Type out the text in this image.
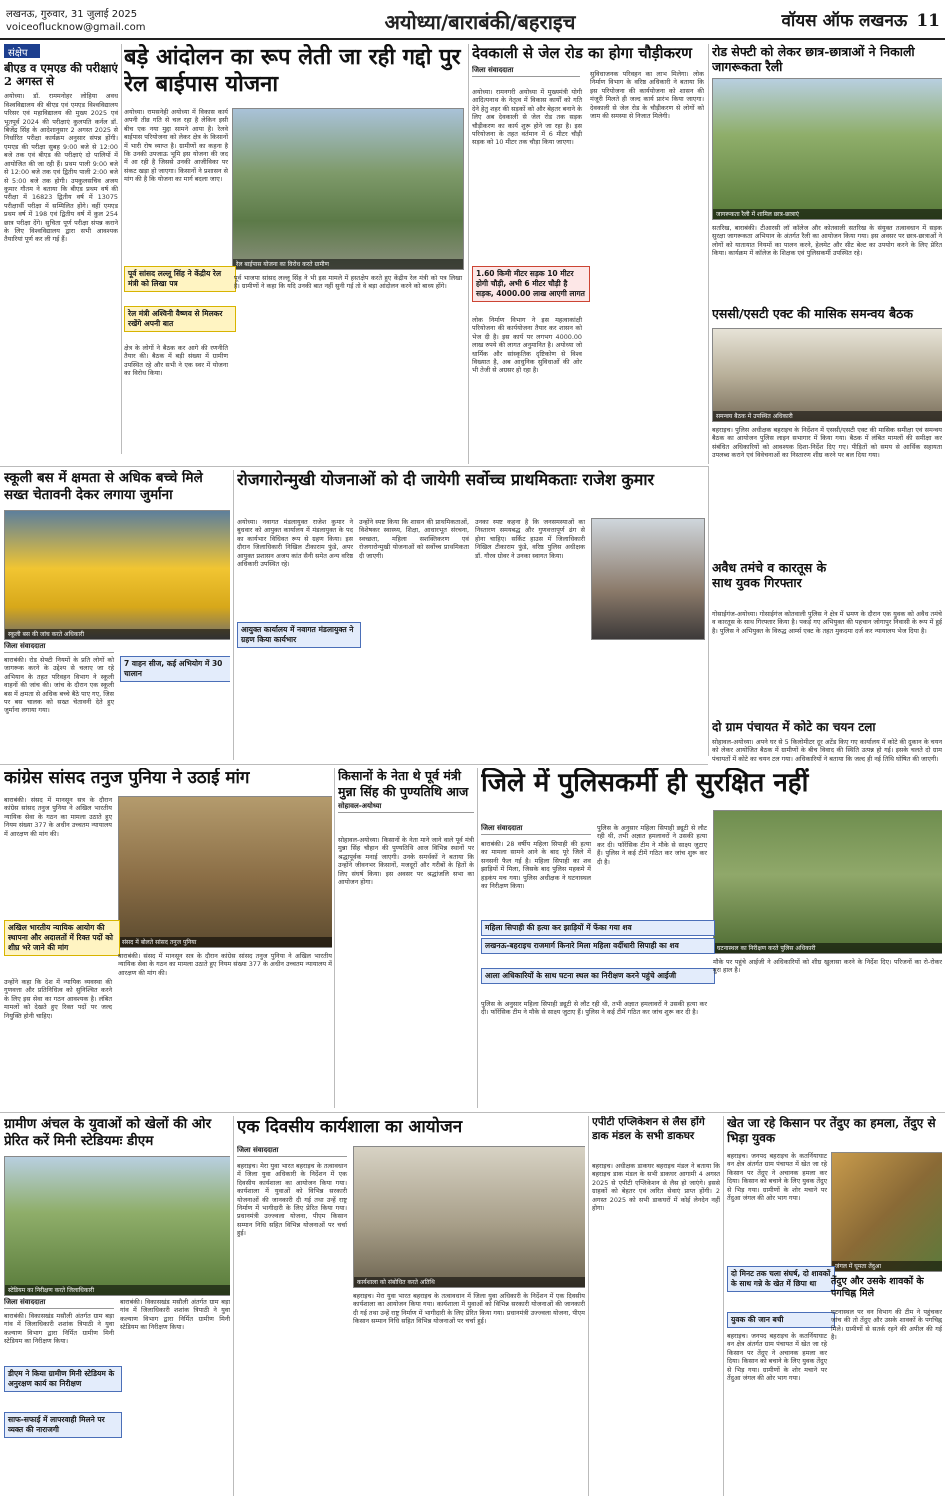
लखनऊ, गुरुवार, 31 जुलाई 2025
voiceoflucknow@gmail.com	अयोध्या/बाराबंकी/बहराइच	वॉयस ऑफ लखनऊ 11
संक्षेप
बीएड व एमएड की परीक्षाएं 2 अगस्त से
अयोध्या। डॉ. राममनोहर लोहिया अवध विश्वविद्यालय की बीएड एवं एमएड विश्वविद्यालय परिसर एवं महाविद्यालय की मुख्य 2025 एवं भूतपूर्व 2024 की परीक्षाएं कुलपति कर्नल डॉ. बिजेंद्र सिंह के आदेशानुसार 2 अगस्त 2025 से निर्धारित परीक्षा कार्यक्रम अनुसार संपन्न होंगी। एमएड की परीक्षा सुबह 9:00 बजे से 12:00 बजे तक एवं बीएड की परीक्षाएं दो पालियों में आयोजित की जा रही हैं। प्रथम पाली 9:00 बजे से 12:00 बजे तक एवं द्वितीय पाली 2:00 बजे से 5:00 बजे तक होगी। उपकुलसचिव अजय कुमार गौतम ने बताया कि बीएड प्रथम वर्ष की परीक्षा में 16823 द्वितीय वर्ष में 13075 परीक्षार्थी परीक्षा में सम्मिलित होंगे। वहीं एमएड प्रथम वर्ष में 198 एवं द्वितीय वर्ष में कुल 254 छात्र परीक्षा देंगे। सुचिता पूर्ण परीक्षा संपन्न कराने के लिए विश्वविद्यालय द्वारा सभी आवश्यक तैयारियां पूर्ण कर ली गई हैं।
बड़े आंदोलन का रूप लेती जा रही गद्दो पुर रेल बाईपास योजना
अयोध्या। रामसनेही अयोध्या में विकास कार्य अपनी तीव्र गति से चल रहा है लेकिन इसी बीच एक नया मुद्दा सामने आया है। रेलवे बाईपास परियोजना को लेकर क्षेत्र के किसानों में भारी रोष व्याप्त है। ग्रामीणों का कहना है कि उनकी उपजाऊ भूमि इस योजना की जद में आ रही है जिससे उनकी आजीविका पर संकट खड़ा हो जाएगा। किसानों ने प्रशासन से मांग की है कि योजना का मार्ग बदला जाए।
रेल बाईपास योजना का विरोध करते ग्रामीण
पूर्व सांसद लल्लू सिंह ने केंद्रीय रेल मंत्री को लिखा पत्र
रेल मंत्री अश्विनी वैष्णव से मिलकर रखेंगे अपनी बात
क्षेत्र के लोगों ने बैठक कर आगे की रणनीति तैयार की। बैठक में बड़ी संख्या में ग्रामीण उपस्थित रहे और सभी ने एक स्वर में योजना का विरोध किया।
पूर्व भाजपा सांसद लल्लू सिंह ने भी इस मामले में हस्तक्षेप करते हुए केंद्रीय रेल मंत्री को पत्र लिखा है। ग्रामीणों ने कहा कि यदि उनकी बात नहीं सुनी गई तो वे बड़ा आंदोलन करने को बाध्य होंगे।
देवकाली से जेल रोड का होगा चौड़ीकरण
जिला संवाददाता
अयोध्या। रामनगरी अयोध्या में मुख्यमंत्री योगी आदित्यनाथ के नेतृत्व में विकास कार्यों को गति देने हेतु शहर की सड़कों को और बेहतर बनाने के लिए अब देवकाली से जेल रोड तक सड़क चौड़ीकरण का कार्य शुरू होने जा रहा है। इस परियोजना के तहत वर्तमान में 6 मीटर चौड़ी सड़क को 10 मीटर तक चौड़ा किया जाएगा।
1.60 किमी मीटर सड़क 10 मीटर होगी चौड़ी, अभी 6 मीटर चौड़ी है सड़क, 4000.00 लाख आएगी लागत
लोक निर्माण विभाग ने इस महत्वाकांक्षी परियोजना की कार्ययोजना तैयार कर शासन को भेज दी है। इस कार्य पर लगभग 4000.00 लाख रुपये की लागत अनुमानित है। अयोध्या जो धार्मिक और सांस्कृतिक दृष्टिकोण से विश्व विख्यात है, अब आधुनिक सुविधाओं की ओर भी तेजी से अग्रसर हो रहा है।
सुविधाजनक परिवहन का लाभ मिलेगा। लोक निर्माण विभाग के वरिष्ठ अधिकारी ने बताया कि इस परियोजना की कार्ययोजना को शासन की मंजूरी मिलते ही जल्द कार्य प्रारंभ किया जाएगा। देवकाली से जेल रोड के चौड़ीकरण से लोगों को जाम की समस्या से निजात मिलेगी।
रोड सेफ्टी को लेकर छात्र-छात्राओं ने निकाली जागरूकता रैली
जागरूकता रैली में शामिल छात्र-छात्राएं
सतरिख, बाराबंकी। टीआरसी लॉ कॉलेज और कोतवाली सतरिख के संयुक्त तत्वावधान में सड़क सुरक्षा जागरूकता अभियान के अंतर्गत रैली का आयोजन किया गया। इस अवसर पर छात्र-छात्राओं ने लोगों को यातायात नियमों का पालन करने, हेलमेट और सीट बेल्ट का उपयोग करने के लिए प्रेरित किया। कार्यक्रम में कॉलेज के शिक्षक एवं पुलिसकर्मी उपस्थित रहे।
एससी/एसटी एक्ट की मासिक समन्वय बैठक
समन्वय बैठक में उपस्थित अधिकारी
बहराइच। पुलिस अधीक्षक बहराइच के निर्देशन में एससी/एसटी एक्ट की मासिक समीक्षा एवं समन्वय बैठक का आयोजन पुलिस लाइन सभागार में किया गया। बैठक में लंबित मामलों की समीक्षा कर संबंधित अधिकारियों को आवश्यक दिशा-निर्देश दिए गए। पीड़ितों को समय से आर्थिक सहायता उपलब्ध कराने एवं विवेचनाओं का निस्तारण शीघ्र करने पर बल दिया गया।
स्कूली बस में क्षमता से अधिक बच्चे मिले सख्त चेतावनी देकर लगाया जुर्माना
स्कूली बस की जांच करते अधिकारी
जिला संवाददाता
बाराबंकी। रोड सेफ्टी नियमों के प्रति लोगों को जागरूक करने के उद्देश्य से चलाए जा रहे अभियान के तहत परिवहन विभाग ने स्कूली वाहनों की जांच की। जांच के दौरान एक स्कूली बस में क्षमता से अधिक बच्चे बैठे पाए गए, जिस पर बस चालक को सख्त चेतावनी देते हुए जुर्माना लगाया गया।
7 वाहन सीज, कई अभियोग में 30 चालान
रोजगारोन्मुखी योजनाओं को दी जायेगी सर्वोच्च प्राथमिकताः राजेश कुमार
अयोध्या। नवागत मंडलायुक्त राजेश कुमार ने बुधवार को आयुक्त कार्यालय में मंडलायुक्त के पद का कार्यभार विधिवत रूप से ग्रहण किया। इस दौरान जिलाधिकारी निखिल टीकाराम फुंडे, अपर आयुक्त प्रशासन अजय कांत सैनी समेत अन्य वरिष्ठ अधिकारी उपस्थित रहे।
आयुक्त कार्यालय में नवागत मंडलायुक्त ने ग्रहण किया कार्यभार
उन्होंने स्पष्ट किया कि शासन की प्राथमिकताओं, विशेषकर स्वास्थ्य, शिक्षा, आधारभूत संरचना, स्वच्छता, महिला सशक्तिकरण एवं रोजगारोन्मुखी योजनाओं को सर्वोच्च प्राथमिकता दी जाएगी।
उनका स्पष्ट कहना है कि जनसमस्याओं का निस्तारण समयबद्ध और गुणवत्तापूर्ण ढंग से होना चाहिए। सर्किट हाउस में जिलाधिकारी निखिल टीकाराम फुंडे, वरिष्ठ पुलिस अधीक्षक डॉ. गौरव ग्रोवर ने उनका स्वागत किया।
अवैध तमंचे व कारतूस के साथ युवक गिरफ्तार
गोसाईगंज-अयोध्या। गोसाईगंज कोतवाली पुलिस ने क्षेत्र में भ्रमण के दौरान एक युवक को अवैध तमंचे व कारतूस के साथ गिरफ्तार किया है। पकड़े गए अभियुक्त की पहचान जोगापुर निवासी के रूप में हुई है। पुलिस ने अभियुक्त के विरुद्ध आर्म्स एक्ट के तहत मुकदमा दर्ज कर न्यायालय भेज दिया है।
दो ग्राम पंचायत में कोटे का चयन टला
सोहावल-अयोध्या। अपने घर से 5 किलोमीटर दूर अटेंड किए गए कार्यालय में कोटे की दुकान के चयन को लेकर आयोजित बैठक में ग्रामीणों के बीच विवाद की स्थिति उत्पन्न हो गई। इसके चलते दो ग्राम पंचायतों में कोटे का चयन टल गया। अधिकारियों ने बताया कि जल्द ही नई तिथि घोषित की जाएगी।
कांग्रेस सांसद तनुज पुनिया ने उठाई मांग
बाराबंकी। संसद में मानसून सत्र के दौरान कांग्रेस सांसद तनुज पुनिया ने अखिल भारतीय न्यायिक सेवा के गठन का मामला उठाते हुए नियम संख्या 377 के अधीन उच्चतम न्यायालय में आरक्षण की मांग की।
संसद में बोलते सांसद तनुज पुनिया
अखिल भारतीय न्यायिक आयोग की स्थापना और अदालतों में रिक्त पदों को शीघ्र भरे जाने की मांग
उन्होंने कहा कि देश में न्यायिक व्यवस्था की गुणवत्ता और प्रतिनिधित्व को सुनिश्चित करने के लिए इस सेवा का गठन आवश्यक है। लंबित मामलों को देखते हुए रिक्त पदों पर जल्द नियुक्ति होनी चाहिए।
बाराबंकी। संसद में मानसून सत्र के दौरान कांग्रेस सांसद तनुज पुनिया ने अखिल भारतीय न्यायिक सेवा के गठन का मामला उठाते हुए नियम संख्या 377 के अधीन उच्चतम न्यायालय में आरक्षण की मांग की।
किसानों के नेता थे पूर्व मंत्री मुन्ना सिंह की पुण्यतिथि आज
सोहावल-अयोध्या
सोहावल-अयोध्या। किसानों के नेता माने जाने वाले पूर्व मंत्री मुन्ना सिंह चौहान की पुण्यतिथि आज विभिन्न स्थानों पर श्रद्धापूर्वक मनाई जाएगी। उनके समर्थकों ने बताया कि उन्होंने जीवनभर किसानों, मजदूरों और गरीबों के हितों के लिए संघर्ष किया। इस अवसर पर श्रद्धांजलि सभा का आयोजन होगा।
जिले में पुलिसकर्मी ही सुरक्षित नहीं
जिला संवाददाता
बाराबंकी। 28 वर्षीय महिला सिपाही की हत्या का मामला सामने आने के बाद पूरे जिले में सनसनी फैल गई है। महिला सिपाही का शव झाड़ियों में मिला, जिसके बाद पुलिस महकमे में हड़कंप मच गया। पुलिस अधीक्षक ने घटनास्थल का निरीक्षण किया।
पुलिस के अनुसार महिला सिपाही ड्यूटी से लौट रही थी, तभी अज्ञात हमलावरों ने उसकी हत्या कर दी। फॉरेंसिक टीम ने मौके से साक्ष्य जुटाए हैं। पुलिस ने कई टीमें गठित कर जांच शुरू कर दी है।
घटनास्थल का निरीक्षण करते पुलिस अधिकारी
महिला सिपाही की हत्या कर झाड़ियों में फेंका गया शव
लखनऊ-बहराइच राजमार्ग किनारे मिला महिला वर्दीधारी सिपाही का शव
आला अधिकारियों के साथ घटना स्थल का निरीक्षण करने पहुंचे आईजी
पुलिस के अनुसार महिला सिपाही ड्यूटी से लौट रही थी, तभी अज्ञात हमलावरों ने उसकी हत्या कर दी। फॉरेंसिक टीम ने मौके से साक्ष्य जुटाए हैं। पुलिस ने कई टीमें गठित कर जांच शुरू कर दी है।
मौके पर पहुंचे आईजी ने अधिकारियों को शीघ्र खुलासा करने के निर्देश दिए। परिजनों का रो-रोकर बुरा हाल है।
ग्रामीण अंचल के युवाओं को खेलों की ओर प्रेरित करें मिनी स्टेडियमः डीएम
स्टेडियम का निरीक्षण करते जिलाधिकारी
जिला संवाददाता
बाराबंकी। विकासखंड मसौली अंतर्गत ग्राम बड़ा गांव में जिलाधिकारी शशांक त्रिपाठी ने युवा कल्याण विभाग द्वारा निर्मित ग्रामीण मिनी स्टेडियम का निरीक्षण किया।
डीएम ने किया ग्रामीण मिनी स्टेडियम के अनुरक्षण कार्य का निरीक्षण
साफ-सफाई में लापरवाही मिलने पर व्यक्त की नाराजगी
बाराबंकी। विकासखंड मसौली अंतर्गत ग्राम बड़ा गांव में जिलाधिकारी शशांक त्रिपाठी ने युवा कल्याण विभाग द्वारा निर्मित ग्रामीण मिनी स्टेडियम का निरीक्षण किया।
एक दिवसीय कार्यशाला का आयोजन
जिला संवाददाता
बहराइच। मेरा युवा भारत बहराइच के तत्वावधान में जिला युवा अधिकारी के निर्देशन में एक दिवसीय कार्यशाला का आयोजन किया गया। कार्यशाला में युवाओं को विभिन्न सरकारी योजनाओं की जानकारी दी गई तथा उन्हें राष्ट्र निर्माण में भागीदारी के लिए प्रेरित किया गया। प्रधानमंत्री उज्ज्वला योजना, पीएम किसान सम्मान निधि सहित विभिन्न योजनाओं पर चर्चा हुई।
कार्यशाला को संबोधित करते अतिथि
बहराइच। मेरा युवा भारत बहराइच के तत्वावधान में जिला युवा अधिकारी के निर्देशन में एक दिवसीय कार्यशाला का आयोजन किया गया। कार्यशाला में युवाओं को विभिन्न सरकारी योजनाओं की जानकारी दी गई तथा उन्हें राष्ट्र निर्माण में भागीदारी के लिए प्रेरित किया गया। प्रधानमंत्री उज्ज्वला योजना, पीएम किसान सम्मान निधि सहित विभिन्न योजनाओं पर चर्चा हुई।
एपीटी एप्लिकेशन से लैस होंगे डाक मंडल के सभी डाकघर
बहराइच। अधीक्षक डाकघर बहराइच मंडल ने बताया कि बहराइच डाक मंडल के सभी डाकघर आगामी 4 अगस्त 2025 से एपीटी एप्लिकेशन से लैस हो जाएंगे। इससे ग्राहकों को बेहतर एवं त्वरित सेवाएं प्राप्त होंगी। 2 अगस्त 2025 को सभी डाकघरों में कोई लेनदेन नहीं होगा।
खेत जा रहे किसान पर तेंदुए का हमला, तेंदुए से भिड़ा युवक
बहराइच। जनपद बहराइच के कतर्नियाघाट वन क्षेत्र अंतर्गत ग्राम पंचायत में खेत जा रहे किसान पर तेंदुए ने अचानक हमला कर दिया। किसान को बचाने के लिए युवक तेंदुए से भिड़ गया। ग्रामीणों के शोर मचाने पर तेंदुआ जंगल की ओर भाग गया।
जंगल में घूमता तेंदुआ
दो मिनट तक चला संघर्ष, दो शावकों के साथ गन्ने के खेत में छिपा था
युवक की जान बची
तेंदुए और उसके शावकों के पगचिह्न मिले
बहराइच। जनपद बहराइच के कतर्नियाघाट वन क्षेत्र अंतर्गत ग्राम पंचायत में खेत जा रहे किसान पर तेंदुए ने अचानक हमला कर दिया। किसान को बचाने के लिए युवक तेंदुए से भिड़ गया। ग्रामीणों के शोर मचाने पर तेंदुआ जंगल की ओर भाग गया।
घटनास्थल पर वन विभाग की टीम ने पहुंचकर जांच की तो तेंदुए और उसके शावकों के पगचिह्न मिले। ग्रामीणों से सतर्क रहने की अपील की गई है।
